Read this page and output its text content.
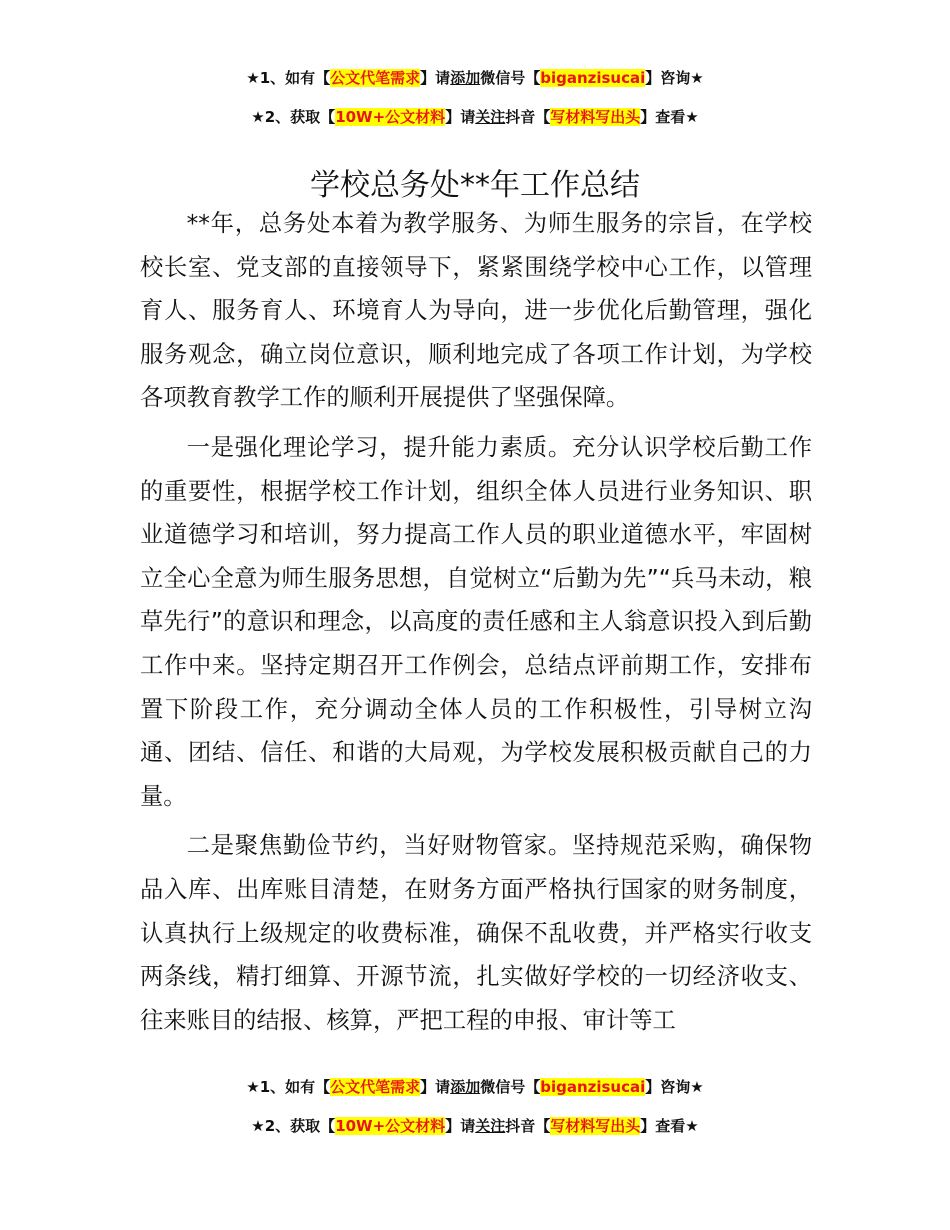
★1、如有【公文代笔需求】请添加微信号【biganzisucai】咨询★
★2、获取【10W+公文材料】请关注抖音【写材料写出头】查看★
学校总务处**年工作总结

**年，总务处本着为教学服务、为师生服务的宗旨，在学校校长室、党支部的直接领导下，紧紧围绕学校中心工作，以管理育人、服务育人、环境育人为导向，进一步优化后勤管理，强化服务观念，确立岗位意识，顺利地完成了各项工作计划，为学校各项教育教学工作的顺利开展提供了坚强保障。

一是强化理论学习，提升能力素质。充分认识学校后勤工作的重要性，根据学校工作计划，组织全体人员进行业务知识、职业道德学习和培训，努力提高工作人员的职业道德水平，牢固树立全心全意为师生服务思想，自觉树立“后勤为先”“兵马未动，粮草先行”的意识和理念，以高度的责任感和主人翁意识投入到后勤工作中来。坚持定期召开工作例会，总结点评前期工作，安排布置下阶段工作，充分调动全体人员的工作积极性，引导树立沟通、团结、信任、和谐的大局观，为学校发展积极贡献自己的力量。

二是聚焦勤俭节约，当好财物管家。坚持规范采购，确保物品入库、出库账目清楚，在财务方面严格执行国家的财务制度，认真执行上级规定的收费标准，确保不乱收费，并严格实行收支两条线，精打细算、开源节流，扎实做好学校的一切经济收支、往来账目的结报、核算，严把工程的申报、审计等工

★1、如有【公文代笔需求】请添加微信号【biganzisucai】咨询★
★2、获取【10W+公文材料】请关注抖音【写材料写出头】查看★
